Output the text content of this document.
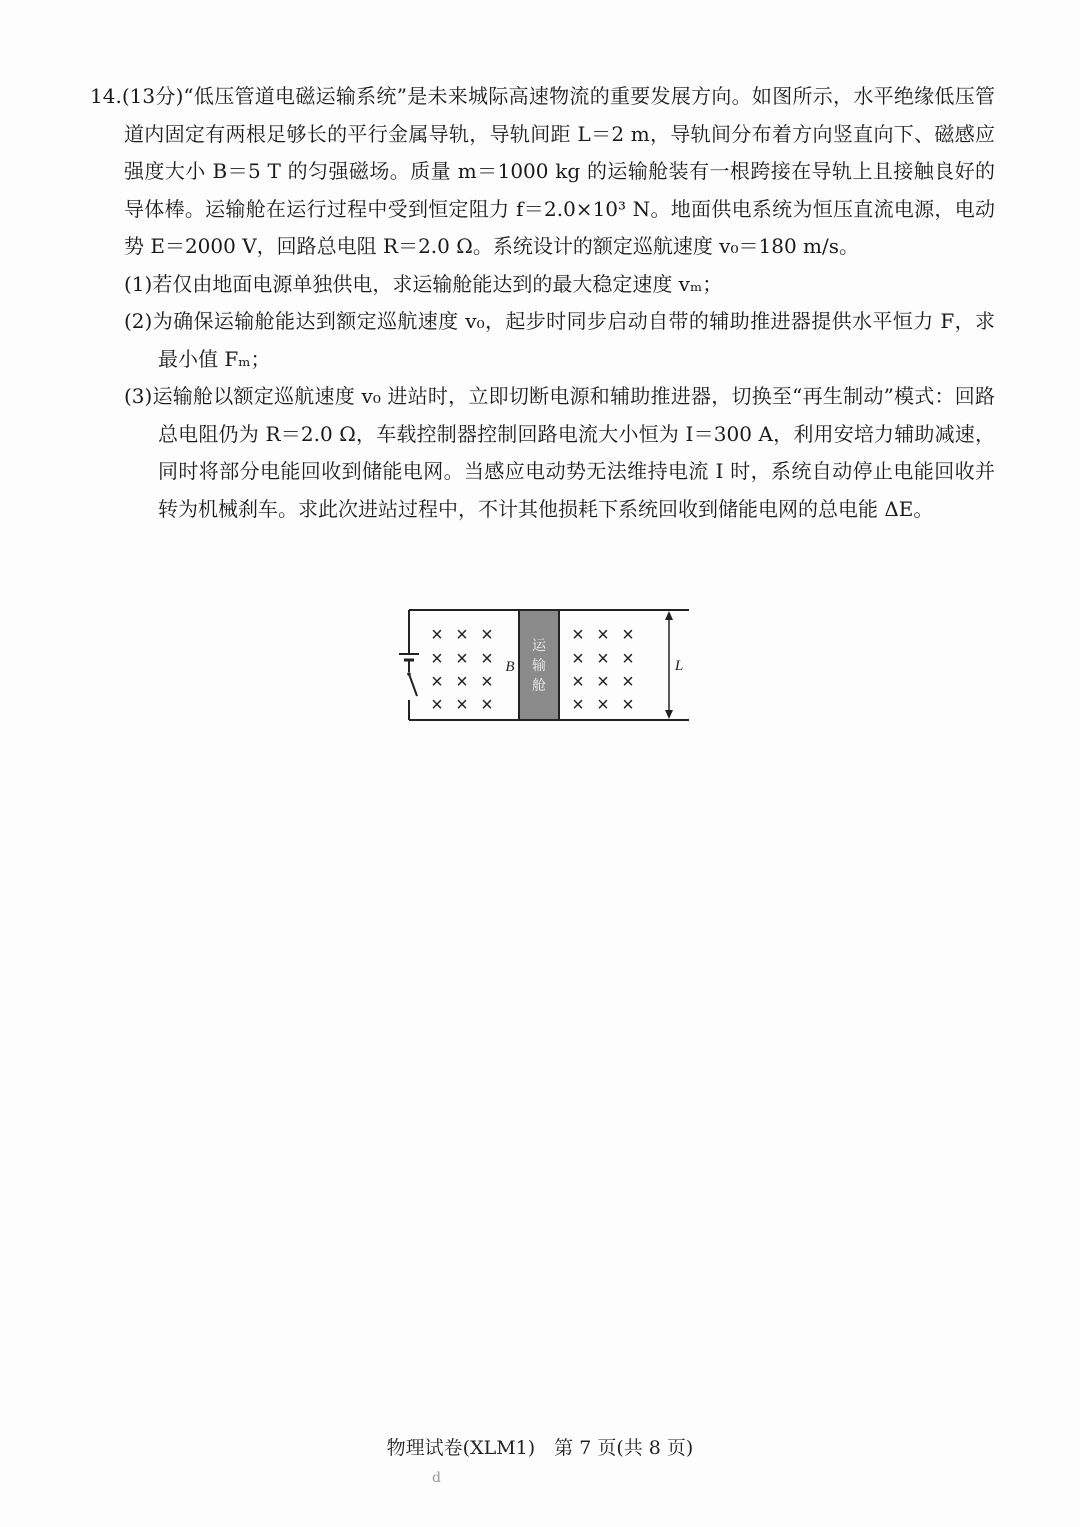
14.(13分)“低压管道电磁运输系统”是未来城际高速物流的重要发展方向。如图所示，水平绝缘低压管道内固定有两根足够长的平行金属导轨，导轨间距 L＝2 m，导轨间分布着方向竖直向下、磁感应强度大小 B＝5 T 的匀强磁场。质量 m＝1000 kg 的运输舱装有一根跨接在导轨上且接触良好的导体棒。运输舱在运行过程中受到恒定阻力 f＝2.0×10³ N。地面供电系统为恒压直流电源，电动势 E＝2000 V，回路总电阻 R＝2.0 Ω。系统设计的额定巡航速度 v₀＝180 m/s。

(1)若仅由地面电源单独供电，求运输舱能达到的最大稳定速度 vₘ；

(2)为确保运输舱能达到额定巡航速度 v₀，起步时同步启动自带的辅助推进器提供水平恒力 F，求最小值 Fₘ；

(3)运输舱以额定巡航速度 v₀ 进站时，立即切断电源和辅助推进器，切换至“再生制动”模式：回路总电阻仍为 R＝2.0 Ω，车载控制器控制回路电流大小恒为 I＝300 A，利用安培力辅助减速，同时将部分电能回收到储能电网。当感应电动势无法维持电流 I 时，系统自动停止电能回收并转为机械刹车。求此次进站过程中，不计其他损耗下系统回收到储能电网的总电能 ΔE。

× × ×
× × ×
× × ×
× × ×
B
运
输
舱
× × ×
× × ×
× × ×
× × ×
L
物理试卷(XLM1)　第 7 页(共 8 页)
d
